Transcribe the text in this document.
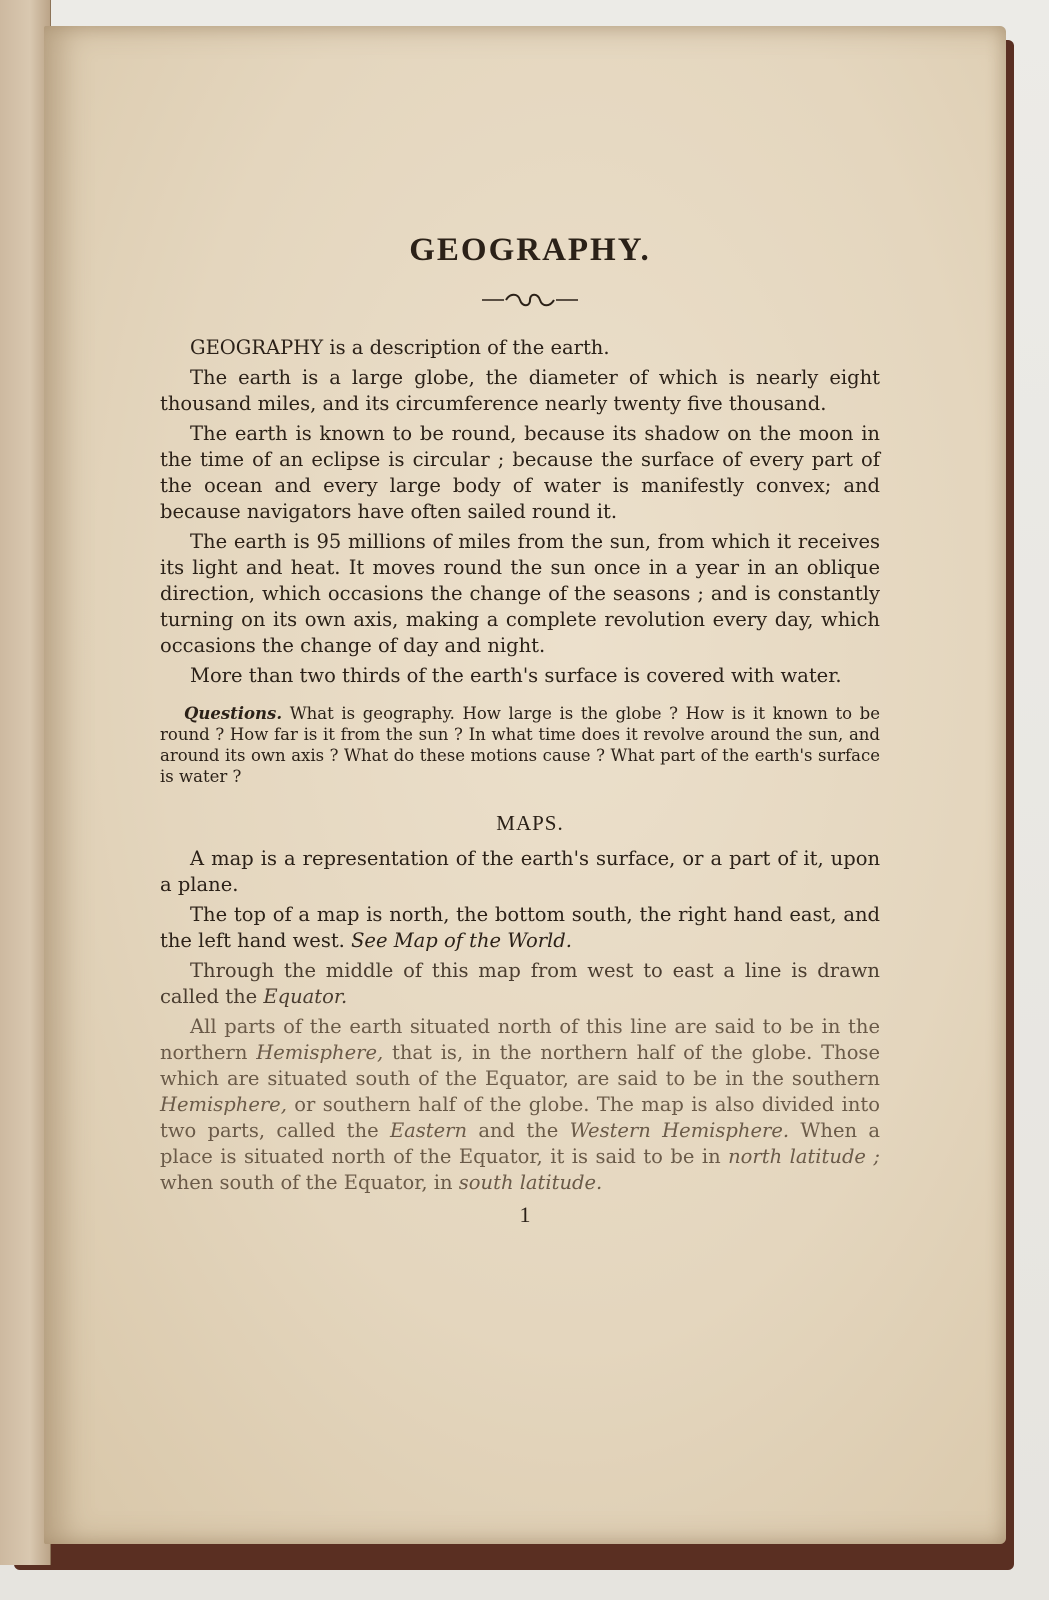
GEOGRAPHY.

GEOGRAPHY is a description of the earth.

The earth is a large globe, the diameter of which is nearly eight thousand miles, and its circumference nearly twenty five thousand.

The earth is known to be round, because its shadow on the moon in the time of an eclipse is circular ; because the surface of every part of the ocean and every large body of water is manifestly convex; and because navigators have often sailed round it.

The earth is 95 millions of miles from the sun, from which it receives its light and heat. It moves round the sun once in a year in an oblique direction, which occasions the change of the seasons ; and is constantly turning on its own axis, making a complete revolution every day, which occasions the change of day and night.

More than two thirds of the earth's surface is covered with water.

Questions. What is geography. How large is the globe ? How is it known to be round ? How far is it from the sun ? In what time does it revolve around the sun, and around its own axis ? What do these motions cause ? What part of the earth's surface is water ?

MAPS.

A map is a representation of the earth's surface, or a part of it, upon a plane.

The top of a map is north, the bottom south, the right hand east, and the left hand west. See Map of the World.

Through the middle of this map from west to east a line is drawn called the Equator.

All parts of the earth situated north of this line are said to be in the northern Hemisphere, that is, in the northern half of the globe. Those which are situated south of the Equator, are said to be in the southern Hemisphere, or southern half of the globe. The map is also divided into two parts, called the Eastern and the Western Hemisphere. When a place is situated north of the Equator, it is said to be in north latitude ; when south of the Equator, in south latitude.

1
